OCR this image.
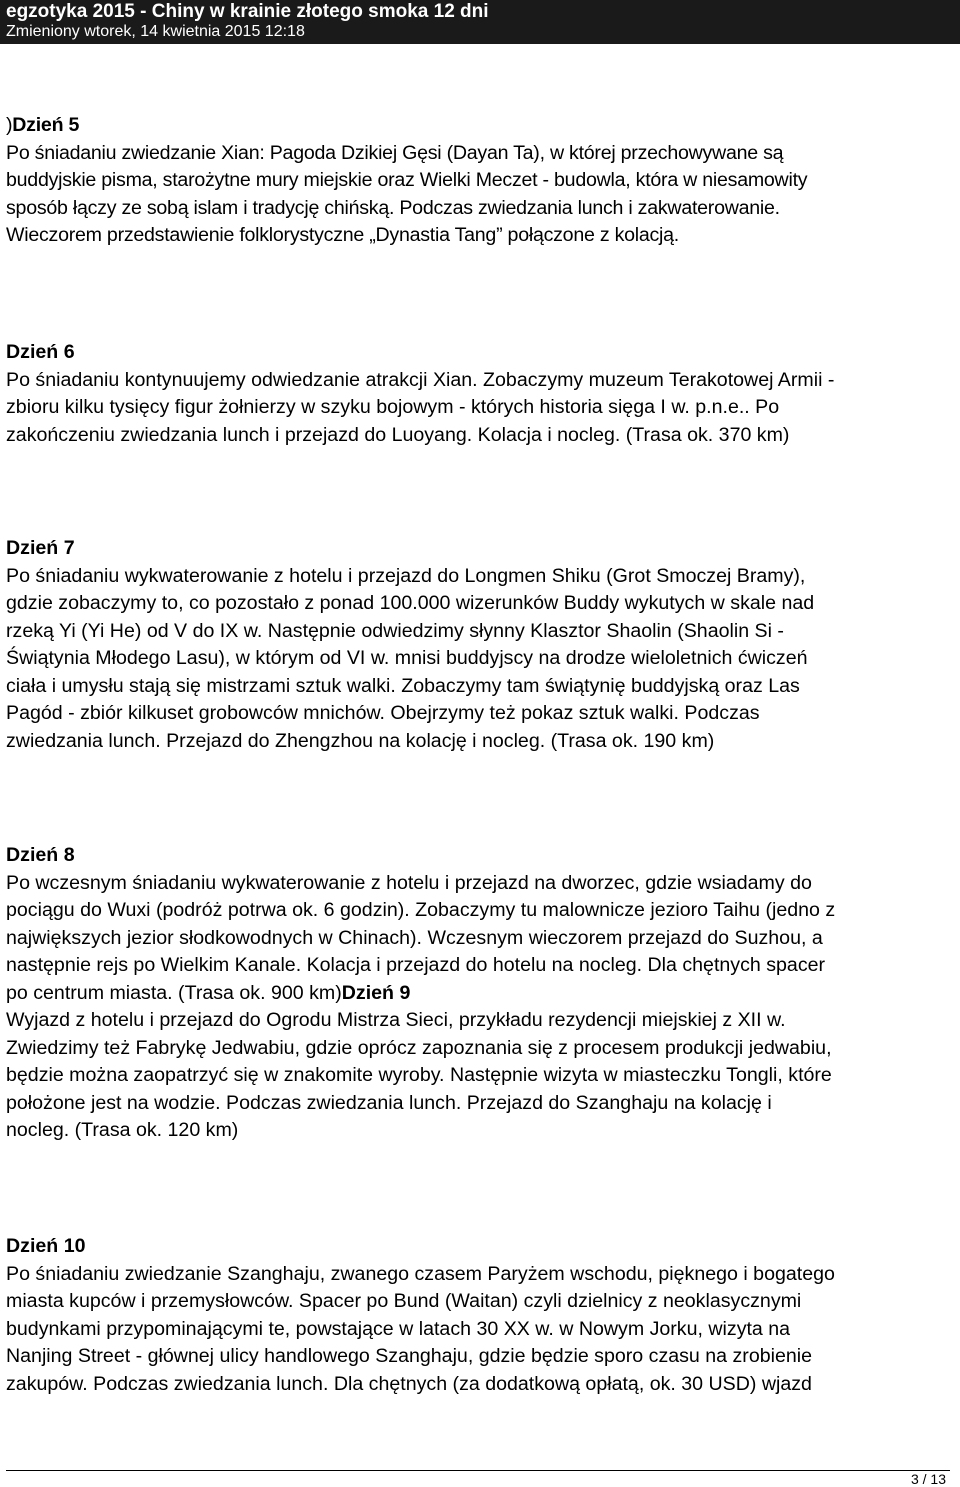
egzotyka 2015 - Chiny w krainie złotego smoka 12 dni
Zmieniony wtorek, 14 kwietnia 2015 12:18
)Dzień 5
Po śniadaniu zwiedzanie Xian: Pagoda Dzikiej Gęsi (Dayan Ta), w której przechowywane są
buddyjskie pisma, starożytne mury miejskie oraz Wielki Meczet - budowla, która w niesamowity
sposób łączy ze sobą islam i tradycję chińską. Podczas zwiedzania lunch i zakwaterowanie.
Wieczorem przedstawienie folklorystyczne „Dynastia Tang” połączone z kolacją.
Dzień 6
Po śniadaniu kontynuujemy odwiedzanie atrakcji Xian. Zobaczymy muzeum Terakotowej Armii -
zbioru kilku tysięcy figur żołnierzy w szyku bojowym - których historia sięga I w. p.n.e.. Po
zakończeniu zwiedzania lunch i przejazd do Luoyang. Kolacja i nocleg. (Trasa ok. 370 km)
Dzień 7
Po śniadaniu wykwaterowanie z hotelu i przejazd do Longmen Shiku (Grot Smoczej Bramy),
gdzie zobaczymy to, co pozostało z ponad 100.000 wizerunków Buddy wykutych w skale nad
rzeką Yi (Yi He) od V do IX w. Następnie odwiedzimy słynny Klasztor Shaolin (Shaolin Si -
Świątynia Młodego Lasu), w którym od VI w. mnisi buddyjscy na drodze wieloletnich ćwiczeń
ciała i umysłu stają się mistrzami sztuk walki. Zobaczymy tam świątynię buddyjską oraz Las
Pagód - zbiór kilkuset grobowców mnichów. Obejrzymy też pokaz sztuk walki. Podczas
zwiedzania lunch. Przejazd do Zhengzhou na kolację i nocleg. (Trasa ok. 190 km)
Dzień 8
Po wczesnym śniadaniu wykwaterowanie z hotelu i przejazd na dworzec, gdzie wsiadamy do
pociągu do Wuxi (podróż potrwa ok. 6 godzin). Zobaczymy tu malownicze jezioro Taihu (jedno z
największych jezior słodkowodnych w Chinach). Wczesnym wieczorem przejazd do Suzhou, a
następnie rejs po Wielkim Kanale. Kolacja i przejazd do hotelu na nocleg. Dla chętnych spacer
po centrum miasta. (Trasa ok. 900 km)Dzień 9
Wyjazd z hotelu i przejazd do Ogrodu Mistrza Sieci, przykładu rezydencji miejskiej z XII w.
Zwiedzimy też Fabrykę Jedwabiu, gdzie oprócz zapoznania się z procesem produkcji jedwabiu,
będzie można zaopatrzyć się w znakomite wyroby. Następnie wizyta w miasteczku Tongli, które
położone jest na wodzie. Podczas zwiedzania lunch. Przejazd do Szanghaju na kolację i
nocleg. (Trasa ok. 120 km)
Dzień 10
Po śniadaniu zwiedzanie Szanghaju, zwanego czasem Paryżem wschodu, pięknego i bogatego
miasta kupców i przemysłowców. Spacer po Bund (Waitan) czyli dzielnicy z neoklasycznymi
budynkami przypominającymi te, powstające w latach 30 XX w. w Nowym Jorku, wizyta na
Nanjing Street - głównej ulicy handlowego Szanghaju, gdzie będzie sporo czasu na zrobienie
zakupów. Podczas zwiedzania lunch. Dla chętnych (za dodatkową opłatą, ok. 30 USD) wjazd
3 / 13
